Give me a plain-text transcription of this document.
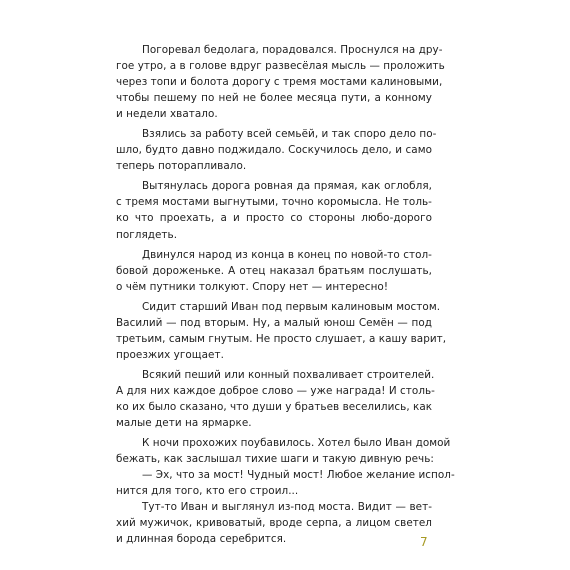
Погоревал бедолага, порадовался. Проснулся на дру-
гое утро, а в голове вдруг развесёлая мысль — проложить
через топи и болота дорогу с тремя мостами калиновыми,
чтобы пешему по ней не более месяца пути, а конному
и недели хватало.
Взялись за работу всей семьёй, и так споро дело по-
шло, будто давно поджидало. Соскучилось дело, и само
теперь поторапливало.
Вытянулась дорога ровная да прямая, как оглобля,
с тремя мостами выгнутыми, точно коромысла. Не толь-
ко что проехать, а и просто со стороны любо-дорого
поглядеть.
Двинулся народ из конца в конец по новой-то стол-
бовой дороженьке. А отец наказал братьям послушать,
о чём путники толкуют. Спору нет — интересно!
Сидит старший Иван под первым калиновым мостом.
Василий — под вторым. Ну, а малый юнош Семён — под
третьим, самым гнутым. Не просто слушает, а кашу варит,
проезжих угощает.
Всякий пеший или конный похваливает строителей.
А для них каждое доброе слово — уже награда! И столь-
ко их было сказано, что души у братьев веселились, как
малые дети на ярмарке.
К ночи прохожих поубавилось. Хотел было Иван домой
бежать, как заслышал тихие шаги и такую дивную речь:
— Эх, что за мост! Чудный мост! Любое желание испол-
нится для того, кто его строил...
Тут-то Иван и выглянул из-под моста. Видит — вет-
хий мужичок, кривоватый, вроде серпа, а лицом светел
и длинная борода серебрится.	7
